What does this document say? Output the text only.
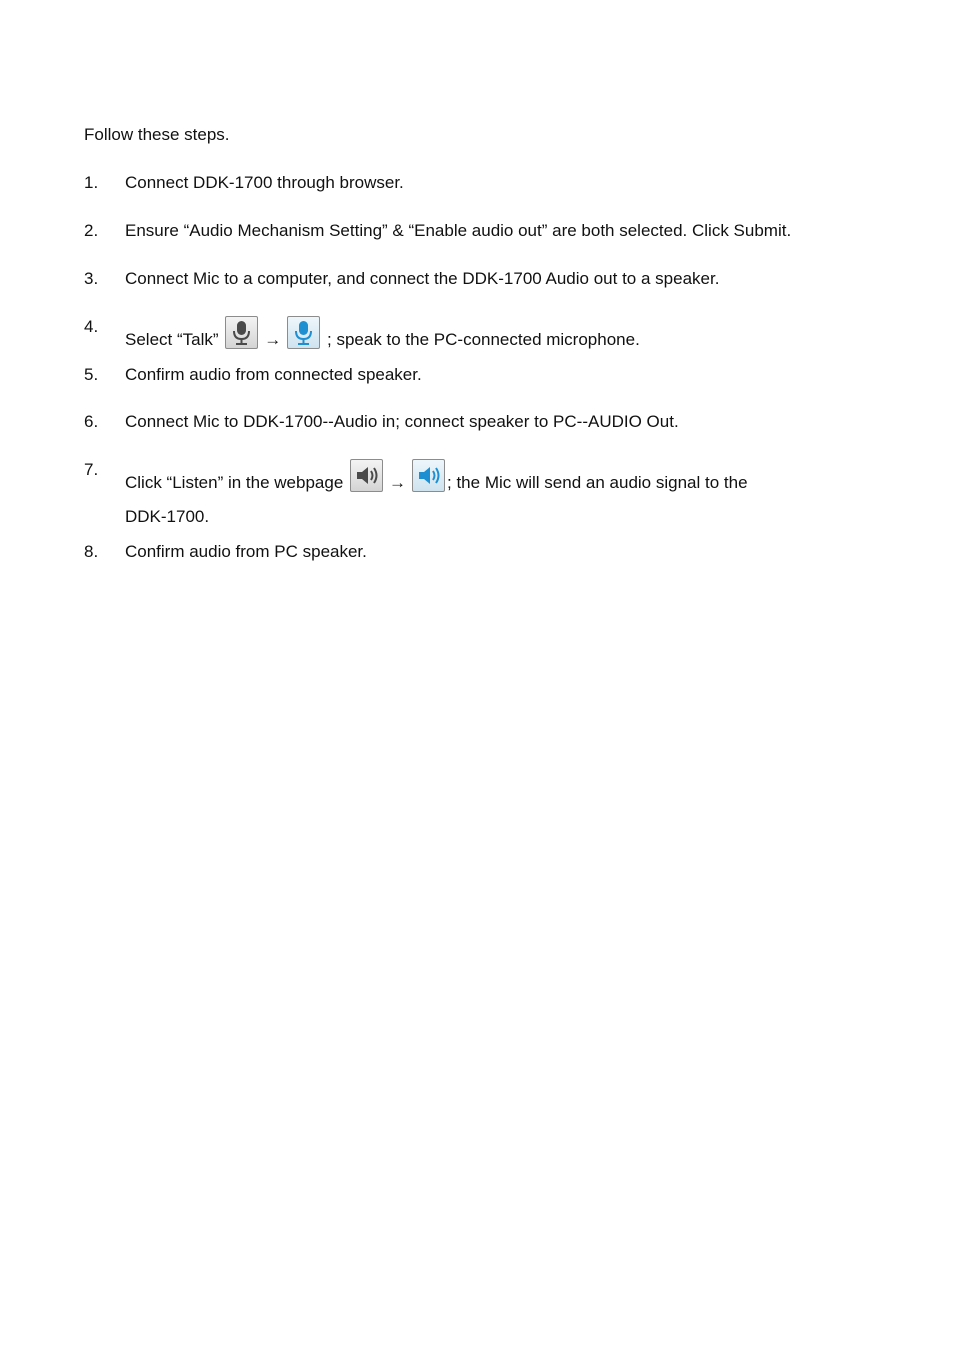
Follow these steps.
1.	Connect DDK-1700 through browser.
2.	Ensure “Audio Mechanism Setting” & “Enable audio out” are both selected. Click Submit.
3.	Connect Mic to a computer, and connect the DDK-1700 Audio out to a speaker.
4.
Select “Talk”	→	; speak to the PC-connected microphone.
5.	Confirm audio from connected speaker.
6.	Connect Mic to DDK-1700--Audio in; connect speaker to PC--AUDIO Out.
7.
Click “Listen” in the webpage	→ ; the Mic will send an audio signal to the
DDK-1700.
8.	Confirm audio from PC speaker.
